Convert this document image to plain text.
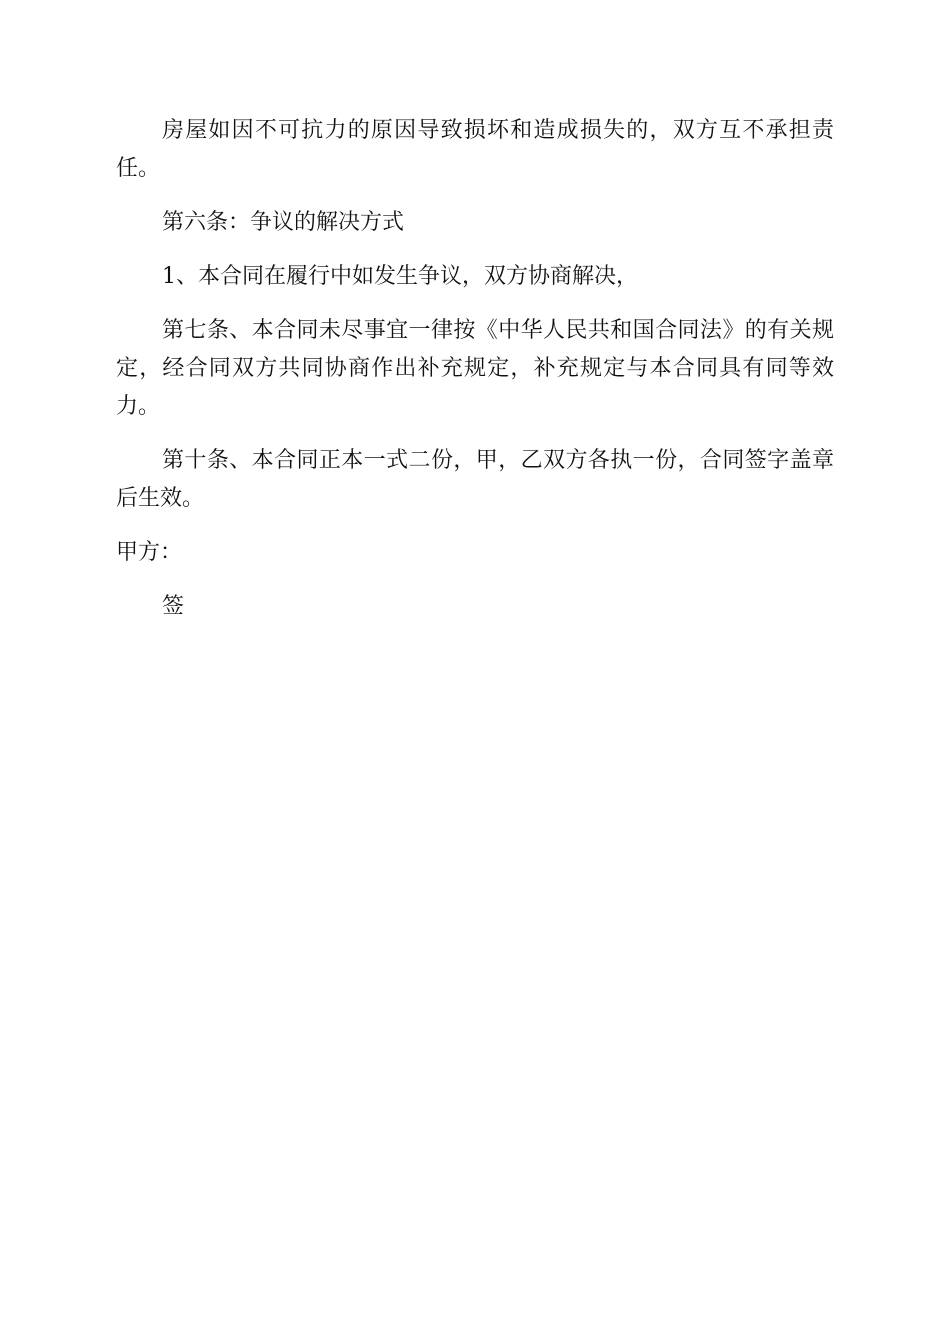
房屋如因不可抗力的原因导致损坏和造成损失的，双方互不承担责任。

第六条：争议的解决方式

1、本合同在履行中如发生争议，双方协商解决，

第七条、本合同未尽事宜一律按《中华人民共和国合同法》的有关规定，经合同双方共同协商作出补充规定，补充规定与本合同具有同等效力。

第十条、本合同正本一式二份，甲，乙双方各执一份，合同签字盖章后生效。

甲方：

签
